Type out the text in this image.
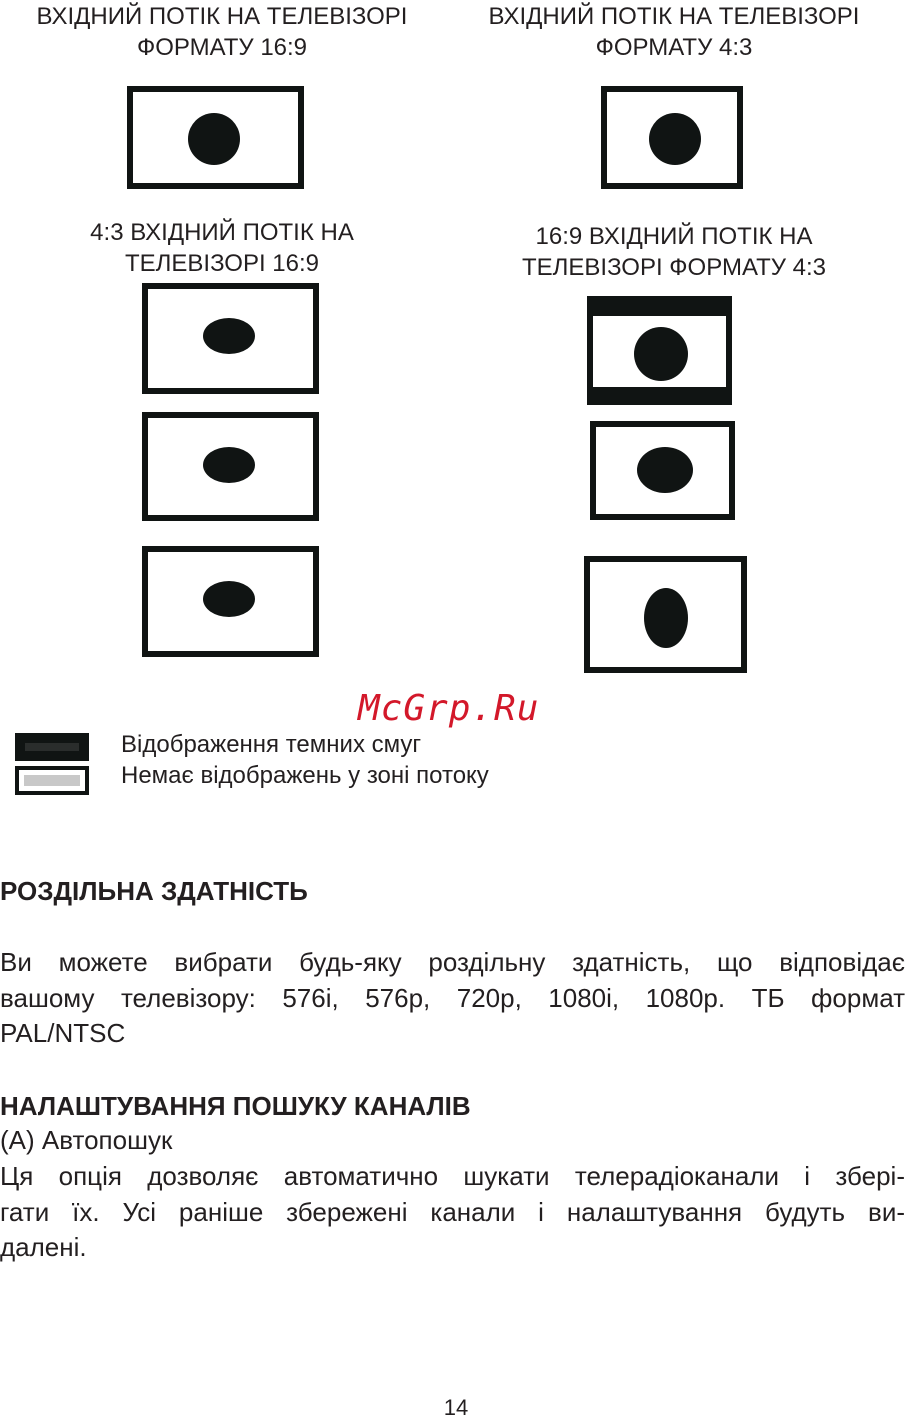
ВХІДНИЙ ПОТІК НА ТЕЛЕВІЗОРІ
ФОРМАТУ 16:9
ВХІДНИЙ ПОТІК НА ТЕЛЕВІЗОРІ
ФОРМАТУ 4:3
4:3 ВХІДНИЙ ПОТІК НА
ТЕЛЕВІЗОРІ 16:9
16:9 ВХІДНИЙ ПОТІК НА
ТЕЛЕВІЗОРІ ФОРМАТУ 4:3
McGrp.Ru
Відображення темних смуг
Немає відображень у зоні потоку
РОЗДІЛЬНА ЗДАТНІСТЬ
Ви можете вибрати будь-яку роздільну здатність, що відповідає
вашому телевізору: 576і, 576р, 720р, 1080і, 1080р. ТБ формат
PAL/NTSC
НАЛАШТУВАННЯ ПОШУКУ КАНАЛІВ
(A) Автопошук
Ця опція дозволяє автоматично шукати телерадіоканали і зберi-
гати їх. Усі раніше збережені канали і налаштування будуть ви-
далені.
14
